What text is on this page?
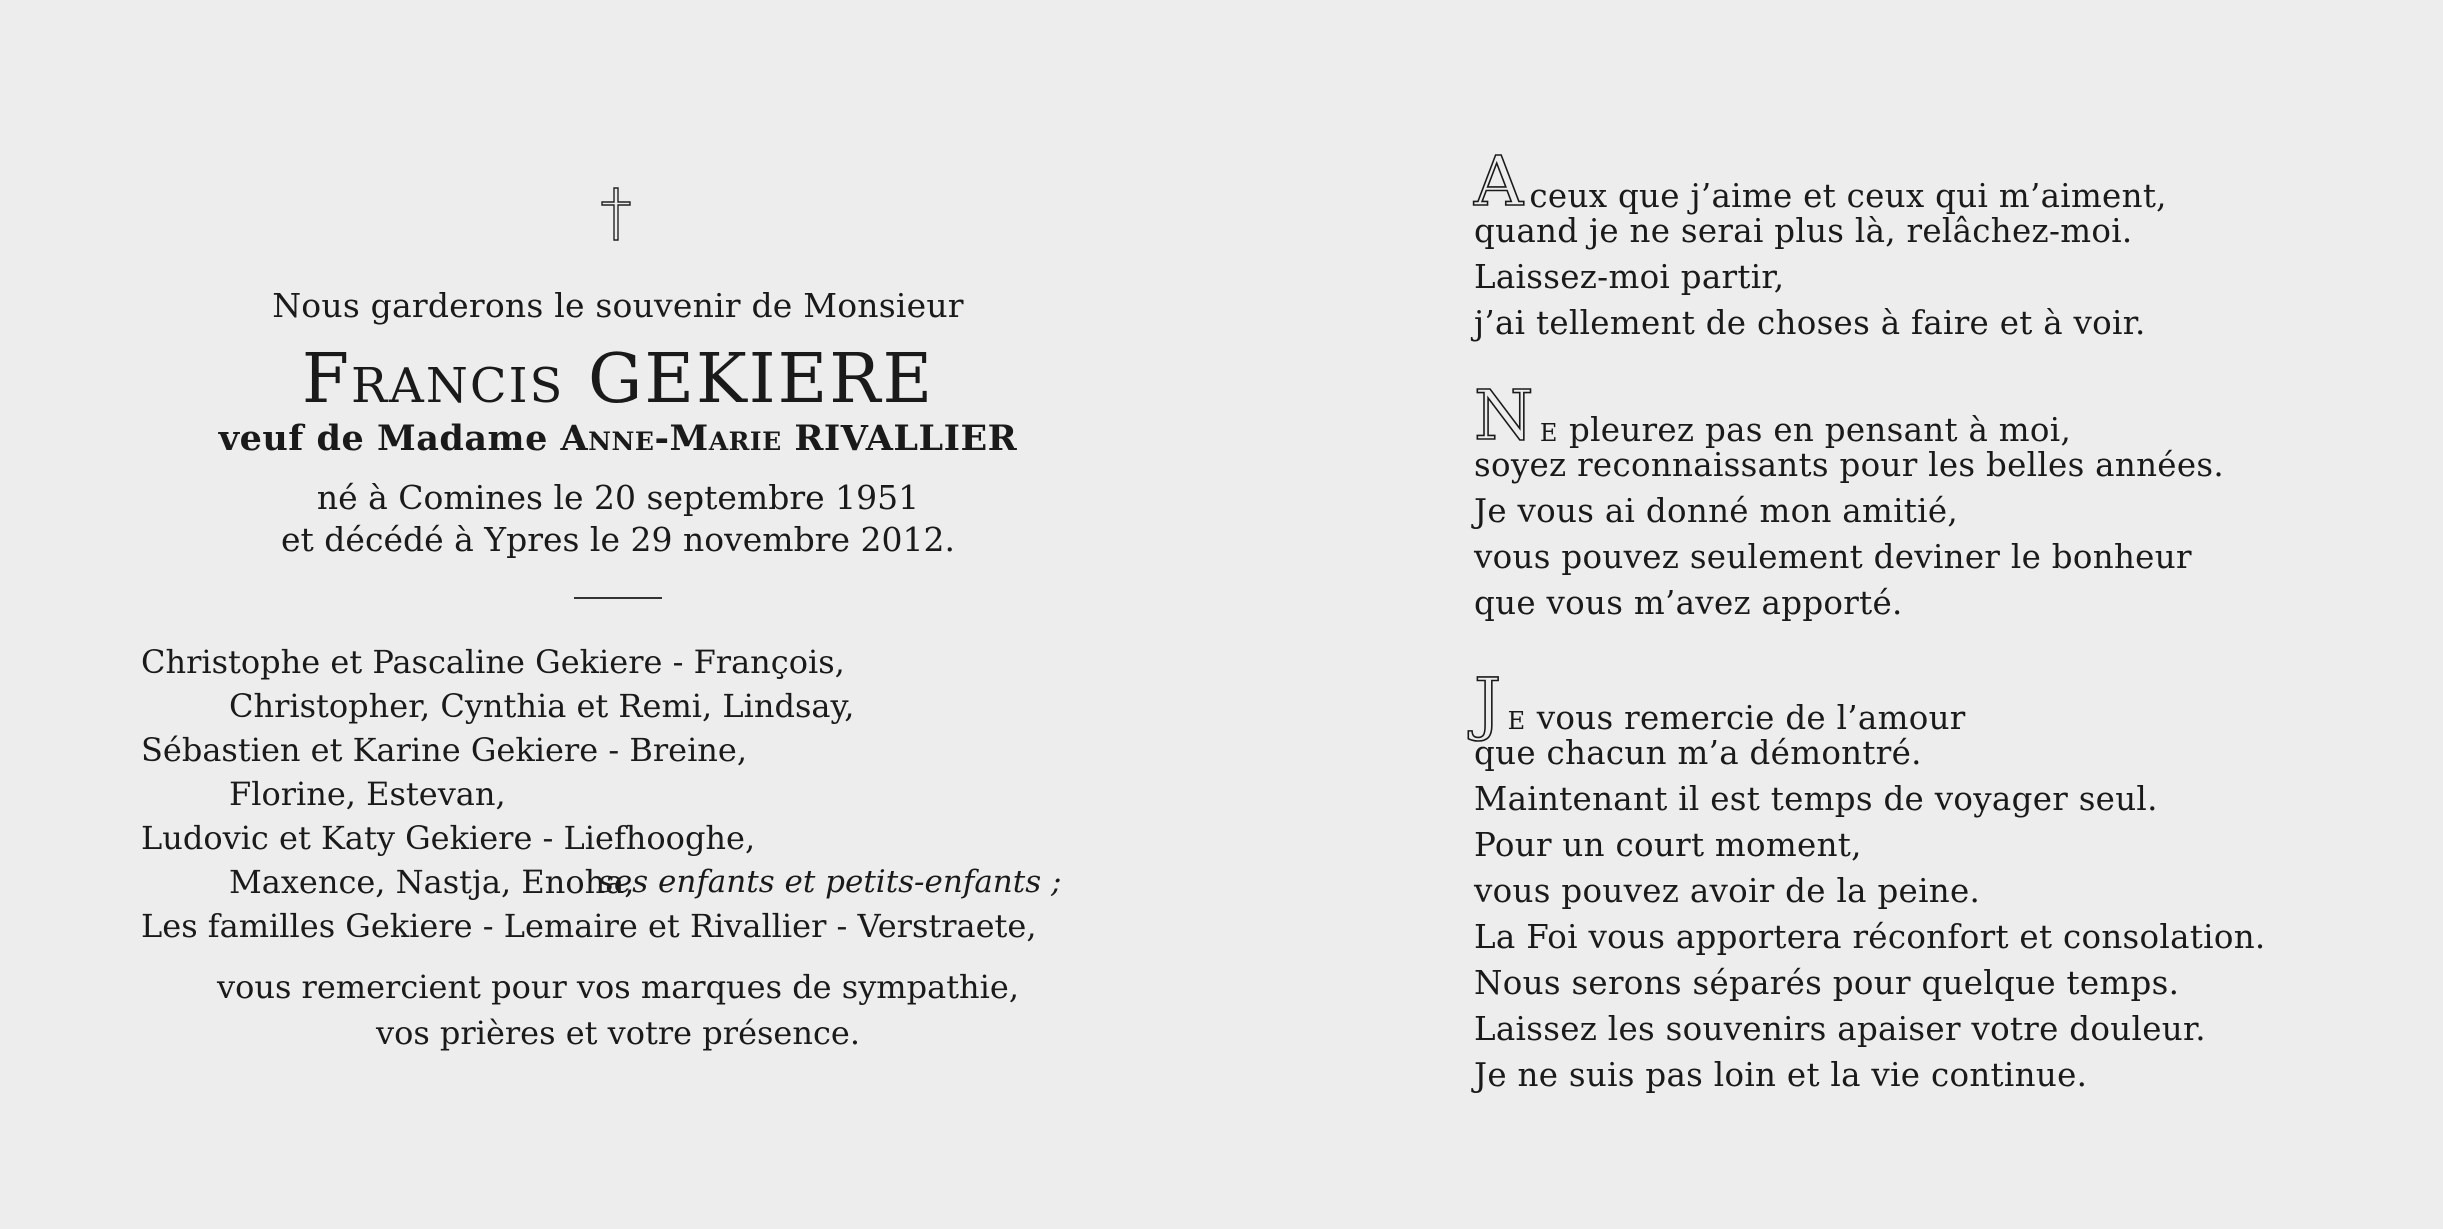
Nous garderons le souvenir de Monsieur
Francis GEKIERE
veuf de Madame Anne-Marie RIVALLIER
né à Comines le 20 septembre 1951
et décédé à Ypres le 29 novembre 2012.
Christophe et Pascaline Gekiere - François,
Christopher, Cynthia et Remi, Lindsay,
Sébastien et Karine Gekiere - Breine,
Florine, Estevan,
Ludovic et Katy Gekiere - Liefhooghe,
Maxence, Nastja, Enoha,
ses enfants et petits-enfants ;
Les familles Gekiere - Lemaire et Rivallier - Verstraete,
vous remercient pour vos marques de sympathie,
vos prières et votre présence.
Aceux que j’aime et ceux qui m’aiment,
quand je ne serai plus là, relâchez-moi.
Laissez-moi partir,
j’ai tellement de choses à faire et à voir.
N E pleurez pas en pensant à moi,
soyez reconnaissants pour les belles années.
Je vous ai donné mon amitié,
vous pouvez seulement deviner le bonheur
que vous m’avez apporté.
J E vous remercie de l’amour
que chacun m’a démontré.
Maintenant il est temps de voyager seul.
Pour un court moment,
vous pouvez avoir de la peine.
La Foi vous apportera réconfort et consolation.
Nous serons séparés pour quelque temps.
Laissez les souvenirs apaiser votre douleur.
Je ne suis pas loin et la vie continue.
